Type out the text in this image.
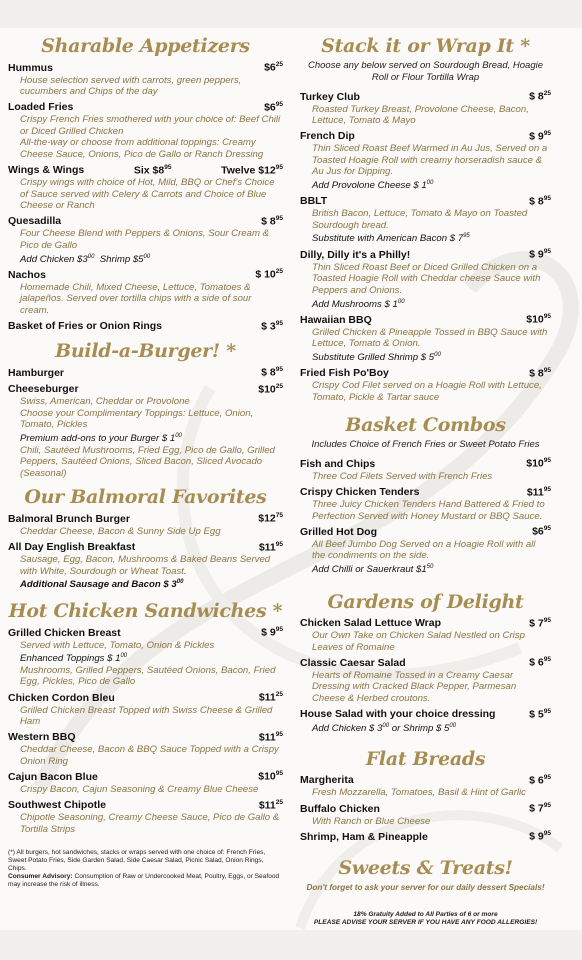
Sharable Appetizers
Hummus	$\$6^{25}$
House selection served with carrots, green peppers, cucumbers and Chips of the day
Loaded Fries	$\$6^{95}$
Crispy French Fries smothered with your choice of: Beef Chili or Diced Grilled Chicken
All-the-way or choose from additional toppings: Creamy Cheese Sauce, Onions, Pico de Gallo or Ranch Dressing
Wings & Wings	Six $\$8^{95}$	Twelve $\$12^{95}$
Crispy wings with choice of Hot, Mild, BBQ or Chef's Choice of Sauce served with Celery & Carrots and Choice of Blue Cheese or Ranch
Quesadilla	$ $8^{95}$
Four Cheese Blend with Peppers & Onions, Sour Cream & Pico de Gallo
Add Chicken $\$3^{00}$ Shrimp $\$5^{00}$
Nachos	$ $10^{25}$
Homemade Chili, Mixed Cheese, Lettuce, Tomatoes & jalapeños. Served over tortilla chips with a side of sour cream.
Basket of Fries or Onion Rings	$ $3^{95}$
Build-a-Burger! *
Hamburger	$ $8^{95}$
Cheeseburger	$\$10^{25}$
Swiss, American, Cheddar or Provolone
Choose your Complimentary Toppings: Lettuce, Onion, Tomato, Pickles
Premium add-ons to your Burger $ $1^{00}$
Chili, Sautéed Mushrooms, Fried Egg, Pico de Gallo, Grilled Peppers, Sautéed Onions, Sliced Bacon, Sliced Avocado (Seasonal)
Our Balmoral Favorites
Balmoral Brunch Burger	$\$12^{75}$
Cheddar Cheese, Bacon & Sunny Side Up Egg
All Day English Breakfast	$\$11^{95}$
Sausage, Egg, Bacon, Mushrooms & Baked Beans Served with White, Sourdough or Wheat Toast.
Additional Sausage and Bacon $ $3^{00}$
Hot Chicken Sandwiches *
Grilled Chicken Breast	$ $9^{95}$
Served with Lettuce, Tomato, Onion & Pickles
Enhanced Toppings $ $1^{00}$
Mushrooms, Grilled Peppers, Sautéed Onions, Bacon, Fried Egg, Pickles, Pico de Gallo
Chicken Cordon Bleu	$\$11^{25}$
Grilled Chicken Breast Topped with Swiss Cheese & Grilled Ham
Western BBQ	$\$11^{95}$
Cheddar Cheese, Bacon & BBQ Sauce Topped with a Crispy Onion Ring
Cajun Bacon Blue	$\$10^{95}$
Crispy Bacon, Cajun Seasoning & Creamy Blue Cheese
Southwest Chipotle	$\$11^{25}$
Chipotle Seasoning, Creamy Cheese Sauce, Pico de Gallo & Tortilla Strips
(*) All burgers, hot sandwiches, stacks or wraps served with one choice of: French Fries, Sweet Potato Fries, Side Garden Salad, Side Caesar Salad, Picnic Salad, Onion Rings, Chips.
Consumer Advisory: Consumption of Raw or Undercooked Meat, Poultry, Eggs, or Seafood may increase the risk of illness.
Stack it or Wrap It *
Choose any below served on Sourdough Bread, Hoagie Roll or Flour Tortilla Wrap
Turkey Club	$ $8^{25}$
Roasted Turkey Breast, Provolone Cheese, Bacon, Lettuce, Tomato & Mayo
French Dip	$ $9^{95}$
Thin Sliced Roast Beef Warmed in Au Jus, Served on a Toasted Hoagie Roll with creamy horseradish sauce & Au Jus for Dipping.
Add Provolone Cheese $ $1^{00}$
BBLT	$ $8^{95}$
British Bacon, Lettuce, Tomato & Mayo on Toasted Sourdough bread.
Substitute with American Bacon $ $7^{95}$
Dilly, Dilly it's a Philly!	$ $9^{95}$
Thin Sliced Roast Beef or Diced Grilled Chicken on a Toasted Hoagie Roll with Cheddar cheese Sauce with Peppers and Onions.
Add Mushrooms $ $1^{00}$
Hawaiian BBQ	$\$10^{95}$
Grilled Chicken & Pineapple Tossed in BBQ Sauce with Lettuce, Tomato & Onion.
Substitute Grilled Shrimp $ $5^{00}$
Fried Fish Po'Boy	$ $8^{95}$
Crispy Cod Filet served on a Hoagie Roll with Lettuce, Tomato, Pickle & Tartar sauce
Basket Combos
Includes Choice of French Fries or Sweet Potato Fries
Fish and Chips	$\$10^{95}$
Three Cod Filets Served with French Fries
Crispy Chicken Tenders	$\$11^{95}$
Three Juicy Chicken Tenders Hand Battered & Fried to Perfection Served with Honey Mustard or BBQ Sauce.
Grilled Hot Dog	$\$6^{95}$
All Beef Jumbo Dog Served on a Hoagie Roll with all the condiments on the side.
Add Chilli or Sauerkraut $\$1^{50}$
Gardens of Delight
Chicken Salad Lettuce Wrap	$ $7^{95}$
Our Own Take on Chicken Salad Nestled on Crisp Leaves of Romaine
Classic Caesar Salad	$ $6^{95}$
Hearts of Romaine Tossed in a Creamy Caesar Dressing with Cracked Black Pepper, Parmesan Cheese & Herbed croutons.
House Salad with your choice dressing	$ $5^{95}$
Add Chicken $ $3^{00}$ or Shrimp $ $5^{00}$
Flat Breads
Margherita	$ $6^{95}$
Fresh Mozzarella, Tomatoes, Basil & Hint of Garlic
Buffalo Chicken	$ $7^{95}$
With Ranch or Blue Cheese
Shrimp, Ham & Pineapple	$ $9^{95}$
Sweets & Treats!
Don't forget to ask your server for our daily dessert Specials!
18% Gratuity Added to All Parties of 6 or more
PLEASE ADVISE YOUR SERVER IF YOU HAVE ANY FOOD ALLERGIES!
